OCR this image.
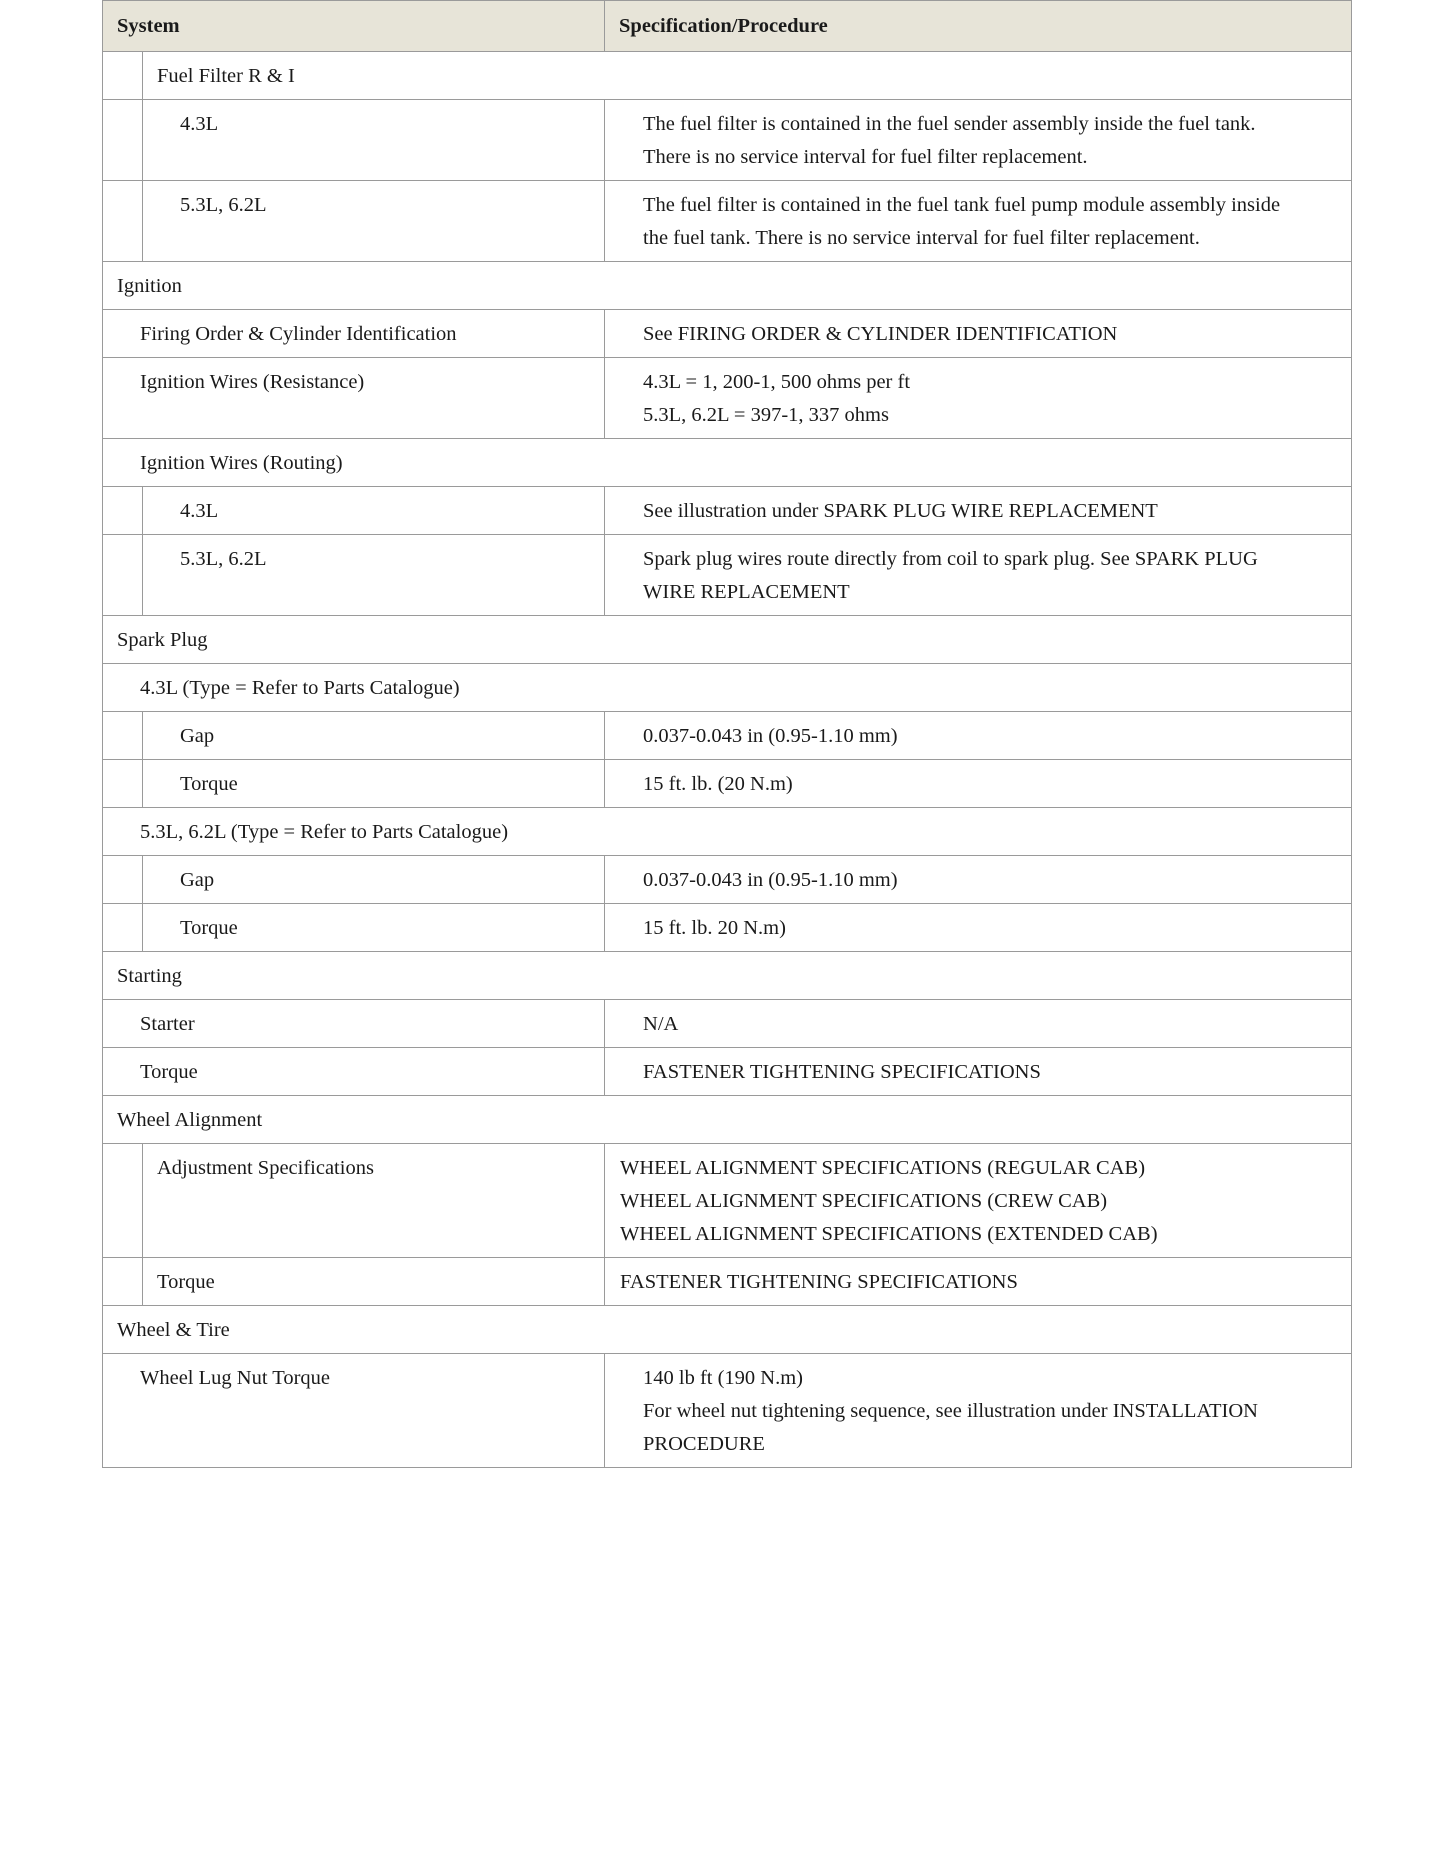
System		Specification/Procedure
	Fuel Filter R & I	
	4.3L	The fuel filter is contained in the fuel sender assembly inside the fuel tank.
There is no service interval for fuel filter replacement.

	5.3L, 6.2L	The fuel filter is contained in the fuel tank fuel pump module assembly inside
the fuel tank. There is no service interval for fuel filter replacement.

Ignition		
Firing Order & Cylinder Identification		See FIRING ORDER & CYLINDER IDENTIFICATION
Ignition Wires (Resistance)		4.3L = 1, 200-1, 500 ohms per ft
5.3L, 6.2L = 397-1, 337 ohms

Ignition Wires (Routing)		
	4.3L	See illustration under SPARK PLUG WIRE REPLACEMENT
	5.3L, 6.2L	Spark plug wires route directly from coil to spark plug. See SPARK PLUG
WIRE REPLACEMENT

Spark Plug		
4.3L (Type = Refer to Parts Catalogue)		
	Gap	0.037-0.043 in (0.95-1.10 mm)
	Torque	15 ft. lb. (20 N.m)
5.3L, 6.2L (Type = Refer to Parts Catalogue)		
	Gap	0.037-0.043 in (0.95-1.10 mm)
	Torque	15 ft. lb. 20 N.m)
Starting		
Starter		N/A
Torque		FASTENER TIGHTENING SPECIFICATIONS
Wheel Alignment		
	Adjustment Specifications	WHEEL ALIGNMENT SPECIFICATIONS (REGULAR CAB)
WHEEL ALIGNMENT SPECIFICATIONS (CREW CAB)
WHEEL ALIGNMENT SPECIFICATIONS (EXTENDED CAB)

	Torque	FASTENER TIGHTENING SPECIFICATIONS
Wheel & Tire		
Wheel Lug Nut Torque		140 lb ft (190 N.m)
For wheel nut tightening sequence, see illustration under INSTALLATION
PROCEDURE
